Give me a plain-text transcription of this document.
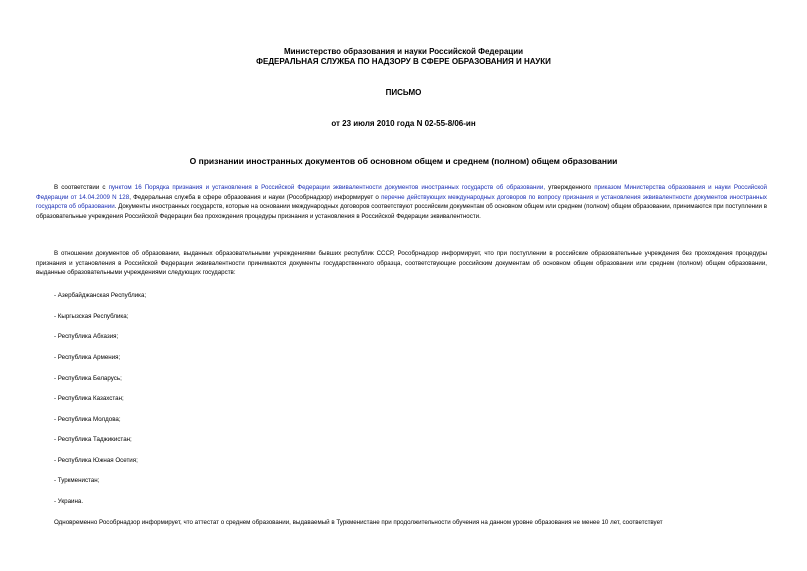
Министерство образования и науки Российской Федерации
ФЕДЕРАЛЬНАЯ СЛУЖБА ПО НАДЗОРУ В СФЕРЕ ОБРАЗОВАНИЯ И НАУКИ
ПИСЬМО
от 23 июля 2010 года N 02-55-8/06-ин
О признании иностранных документов об основном общем и среднем (полном) общем образовании

В соответствии с пунктом 16 Порядка признания и установления в Российской Федерации эквивалентности документов иностранных государств об образовании, утвержденного приказом Министерства образования и науки Российской Федерации от 14.04.2009 N 128, Федеральная служба в сфере образования и науки (Рособрнадзор) информирует о перечне действующих международных договоров по вопросу признания и установления эквивалентности документов иностранных государств об образовании. Документы иностранных государств, которые на основании международных договоров соответствуют российским документам об основном общем или среднем (полном) общем образовании, принимаются при поступлении в образовательные учреждения Российской Федерации без прохождения процедуры признания и установления в Российской Федерации эквивалентности.

В отношении документов об образовании, выданных образовательными учреждениями бывших республик СССР, Рособрнадзор информирует, что при поступлении в российские образовательные учреждения без прохождения процедуры признания и установления в Российской Федерации эквивалентности принимаются документы государственного образца, соответствующие российским документам об основном общем образовании или среднем (полном) общем образовании, выданные образовательными учреждениями следующих государств:

- Азербайджанская Республика;
- Кыргызская Республика;
- Республика Абхазия;
- Республика Армения;
- Республика Беларусь;
- Республика Казахстан;
- Республика Молдова;
- Республика Таджикистан;
- Республика Южная Осетия;
- Туркменистан;
- Украина.

Одновременно Рособрнадзор информирует, что аттестат о среднем образовании, выдаваемый в Туркменистане при продолжительности обучения на данном уровне образования не менее 10 лет, соответствует
